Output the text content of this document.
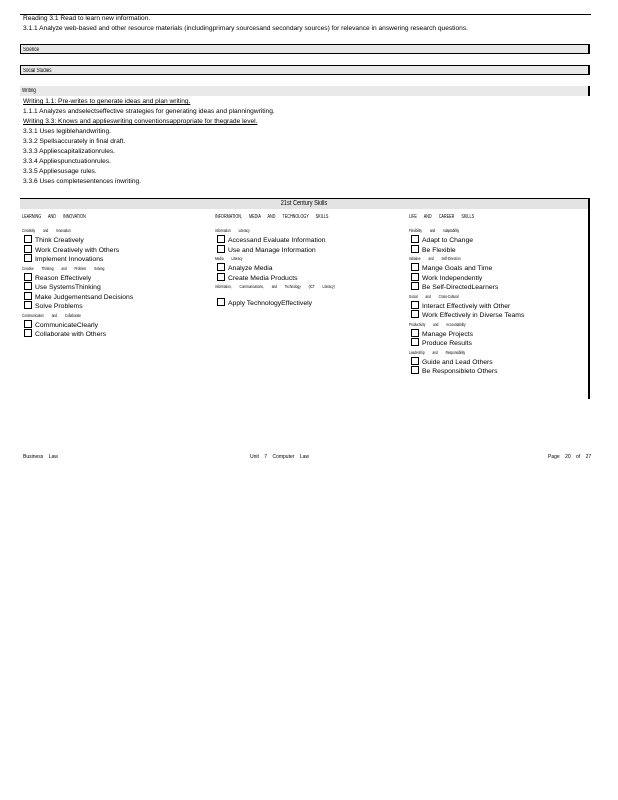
Reading 3.1 Read to learn new information.
3.1.1 Analyze web-based and other resource materials (includingprimary sourcesand secondary sources) for relevance in answering research questions.
Science
Social Studies
Writing
Writing 1.1: Pre-writes to generate ideas and plan writing.
1.1.1 Analyzes andselectseffective strategies for generating ideas and planningwriting.
Writing 3.3: Knows and applieswriting conventionsappropriate for thegrade level.
3.3.1 Uses legiblehandwriting.
3.3.2 Spellsaccurately in final draft.
3.3.3 Appliescapitalizationrules.
3.3.4 Appliespunctuationrules.
3.3.5 Appliesusage rules.
3.3.6 Uses completesentences inwriting.
21st Century Skills
LEARNING AND INNOVATION	INFORMATION, MEDIA AND TECHNOLOGY SKILLS	LIFE AND CAREER SKILLS
Creativity and Innovation
Think Creatively
Work Creatively with Others
Implement Innovations
Creative Thinking and Problem Solving
Reason Effectively
Use SystemsThinking
Make Judgementsand Decisions
Solve Problems
Communication and Collaborate
CommunicateClearly
Collaborate with Others
Information Literacy
Accessand Evaluate Information
Use and Manage Information
Media Literacy
Analyze Media
Create Media Products
Information, Communications, and Technology (ICT Literacy)
Apply TechnologyEffectively
Flexibility and Adaptability
Adapt to Change
Be Flexible
Initiative and Self-Direction
Mange Goals and Time
Work Independently
Be Self-DirectedLearners
Social and Cross-Cultural
Interact Effectively with Other
Work Effectively in Diverse Teams
Productivity and Accountability
Manage Projects
Produce Results
Leadership and Responsibility
Guide and Lead Others
Be Responsibleto Others
Business Law	Unit 7 Computer Law	Page 20 of 27
